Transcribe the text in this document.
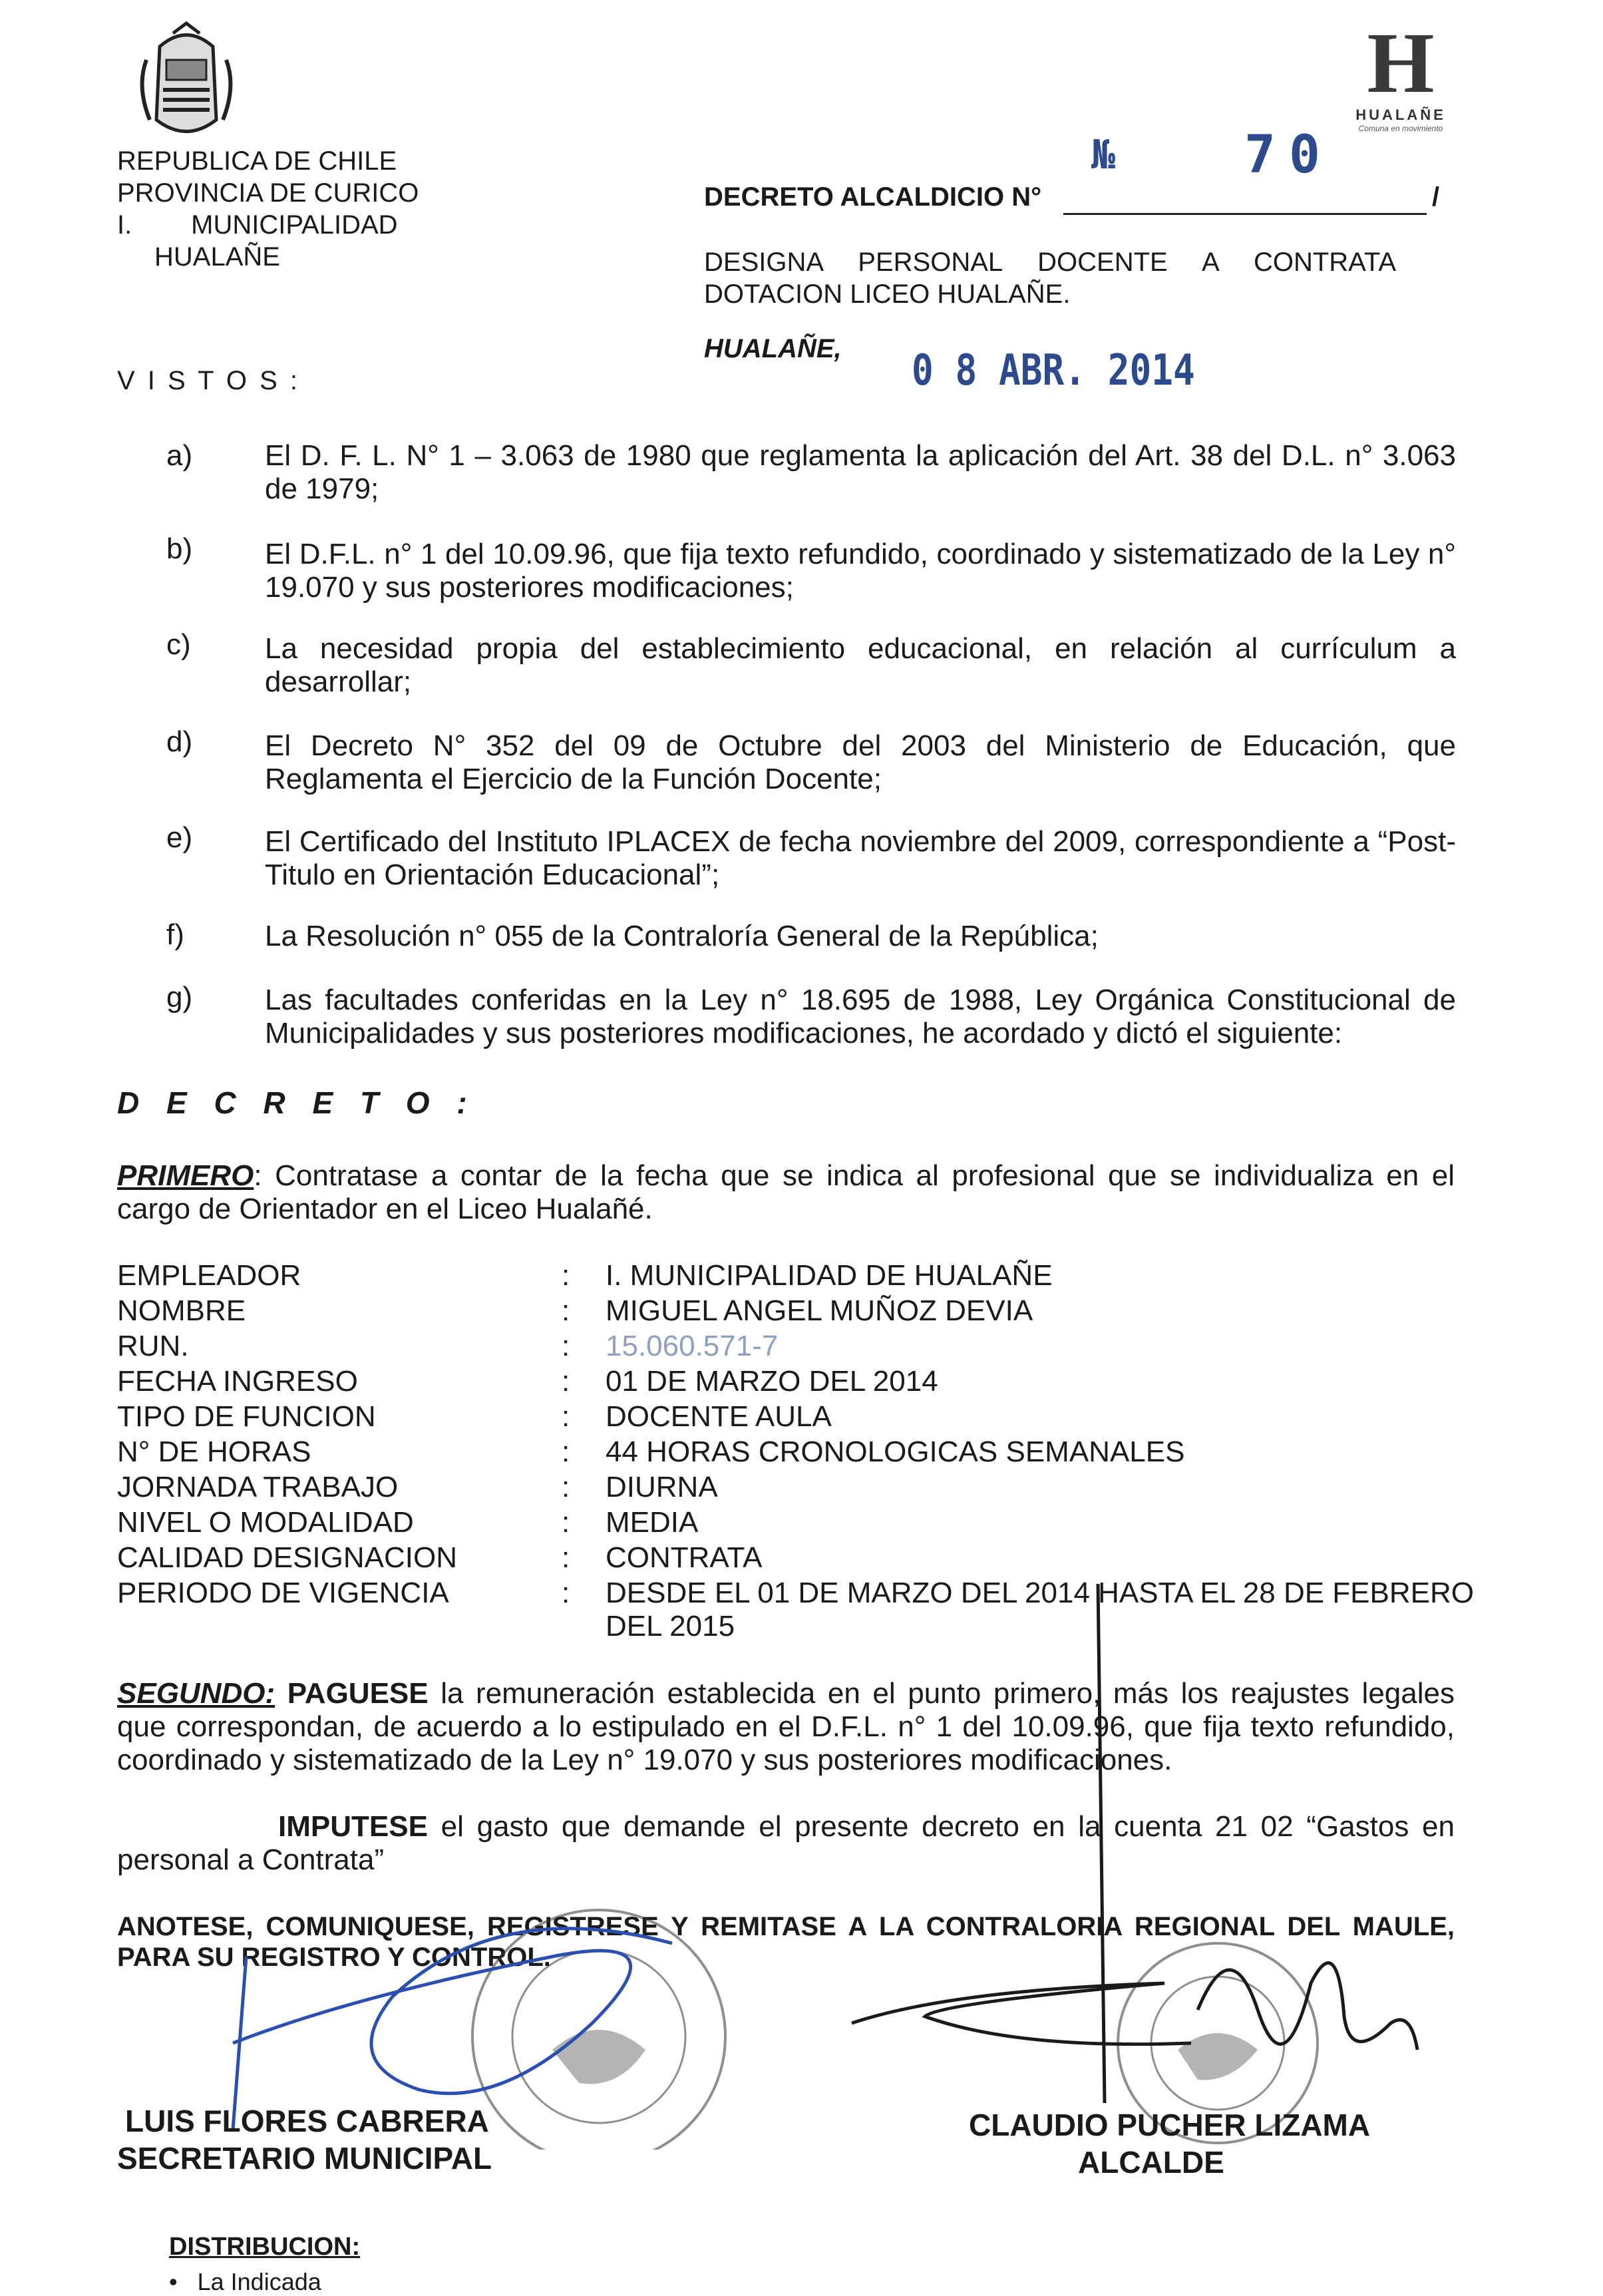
REPUBLICA DE CHILE
PROVINCIA DE CURICO
I.        MUNICIPALIDAD
HUALAÑE
H
HUALAÑE
Comuna en movimiento
№ 70
DECRETO ALCALDICIO N°	/
DESIGNA PERSONAL DOCENTE A CONTRATA DOTACION LICEO HUALAÑE.
HUALAÑE, 0 8 ABR. 2014
V I S T O S :
a) El D. F. L. N° 1 – 3.063 de 1980 que reglamenta la aplicación del Art. 38 del D.L. n° 3.063 de 1979;
b) El D.F.L. n° 1 del 10.09.96, que fija texto refundido, coordinado y sistematizado de la Ley n° 19.070 y sus posteriores modificaciones;
c)	La necesidad propia del establecimiento educacional, en relación al currículum a desarrollar;
d) El Decreto N° 352 del 09 de Octubre del 2003 del Ministerio de Educación, que Reglamenta el Ejercicio de la Función Docente;
e) El Certificado del Instituto IPLACEX de fecha noviembre del 2009, correspondiente a “Post-Titulo en Orientación Educacional”;
f)	La Resolución n° 055 de la Contraloría General de la República;
g) Las facultades conferidas en la Ley n° 18.695 de 1988, Ley Orgánica Constitucional de Municipalidades y sus posteriores modificaciones, he acordado y dictó el siguiente:
D E C R E T O :
PRIMERO: Contratase a contar de la fecha que se indica al profesional que se individualiza en el cargo de Orientador en el Liceo Hualañé.
EMPLEADOR	: I. MUNICIPALIDAD DE HUALAÑE
NOMBRE	: MIGUEL ANGEL MUÑOZ DEVIA
RUN.	: 15.060.571-7
FECHA INGRESO	: 01 DE MARZO DEL 2014
TIPO DE FUNCION	: DOCENTE AULA
N° DE HORAS	: 44 HORAS CRONOLOGICAS SEMANALES
JORNADA TRABAJO	: DIURNA
NIVEL O MODALIDAD	: MEDIA
CALIDAD DESIGNACION	: CONTRATA
PERIODO DE VIGENCIA	: DESDE EL 01 DE MARZO DEL 2014 HASTA EL 28 DE FEBRERO DEL 2015
SEGUNDO: PAGUESE la remuneración establecida en el punto primero, más los reajustes legales que correspondan, de acuerdo a lo estipulado en el D.F.L. n° 1 del 10.09.96, que fija texto refundido, coordinado y sistematizado de la Ley n° 19.070 y sus posteriores modificaciones.
IMPUTESE el gasto que demande el presente decreto en la cuenta 21 02 “Gastos en personal a Contrata”
ANOTESE, COMUNIQUESE, REGISTRESE Y REMITASE A LA CONTRALORIA REGIONAL DEL MAULE, PARA SU REGISTRO Y CONTROL.
LUIS FLORES CABRERA
SECRETARIO MUNICIPAL
CLAUDIO PUCHER LIZAMA
ALCALDE
DISTRIBUCION:
•   La Indicada
